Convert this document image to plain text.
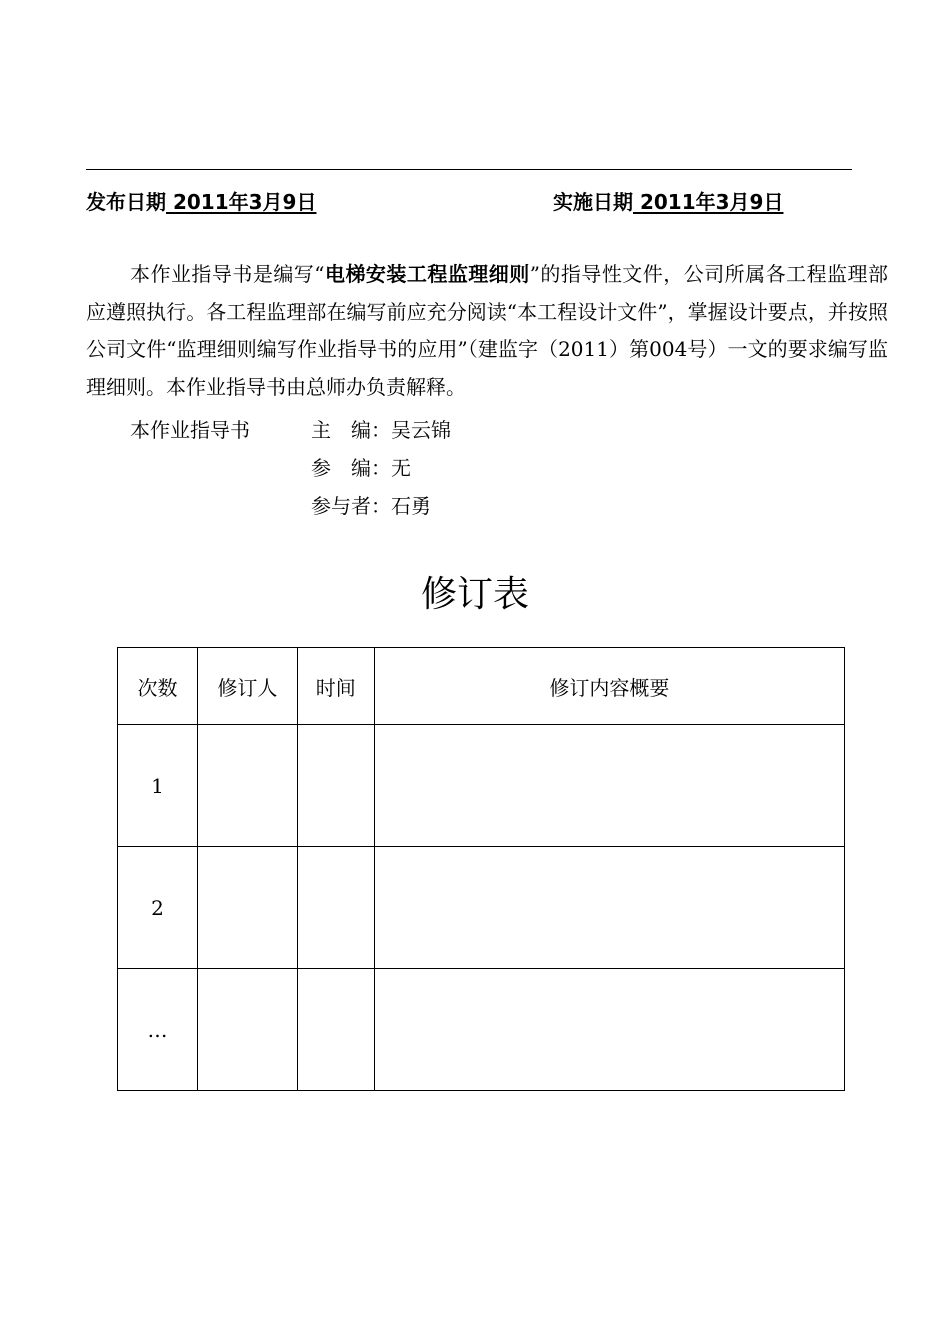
发布日期 2011年3月9日	实施日期 2011年3月9日

本作业指导书是编写“电梯安装工程监理细则”的指导性文件，公司所属各工程监理部应遵照执行。各工程监理部在编写前应充分阅读“本工程设计文件”，掌握设计要点，并按照公司文件“监理细则编写作业指导书的应用”（建监字（2011）第004号）一文的要求编写监理细则。本作业指导书由总师办负责解释。

本作业指导书	主　编：吴云锦
参　编：无
参与者：石勇
修订表
次数	修订人	时间	修订内容概要
1			
2			
…			
